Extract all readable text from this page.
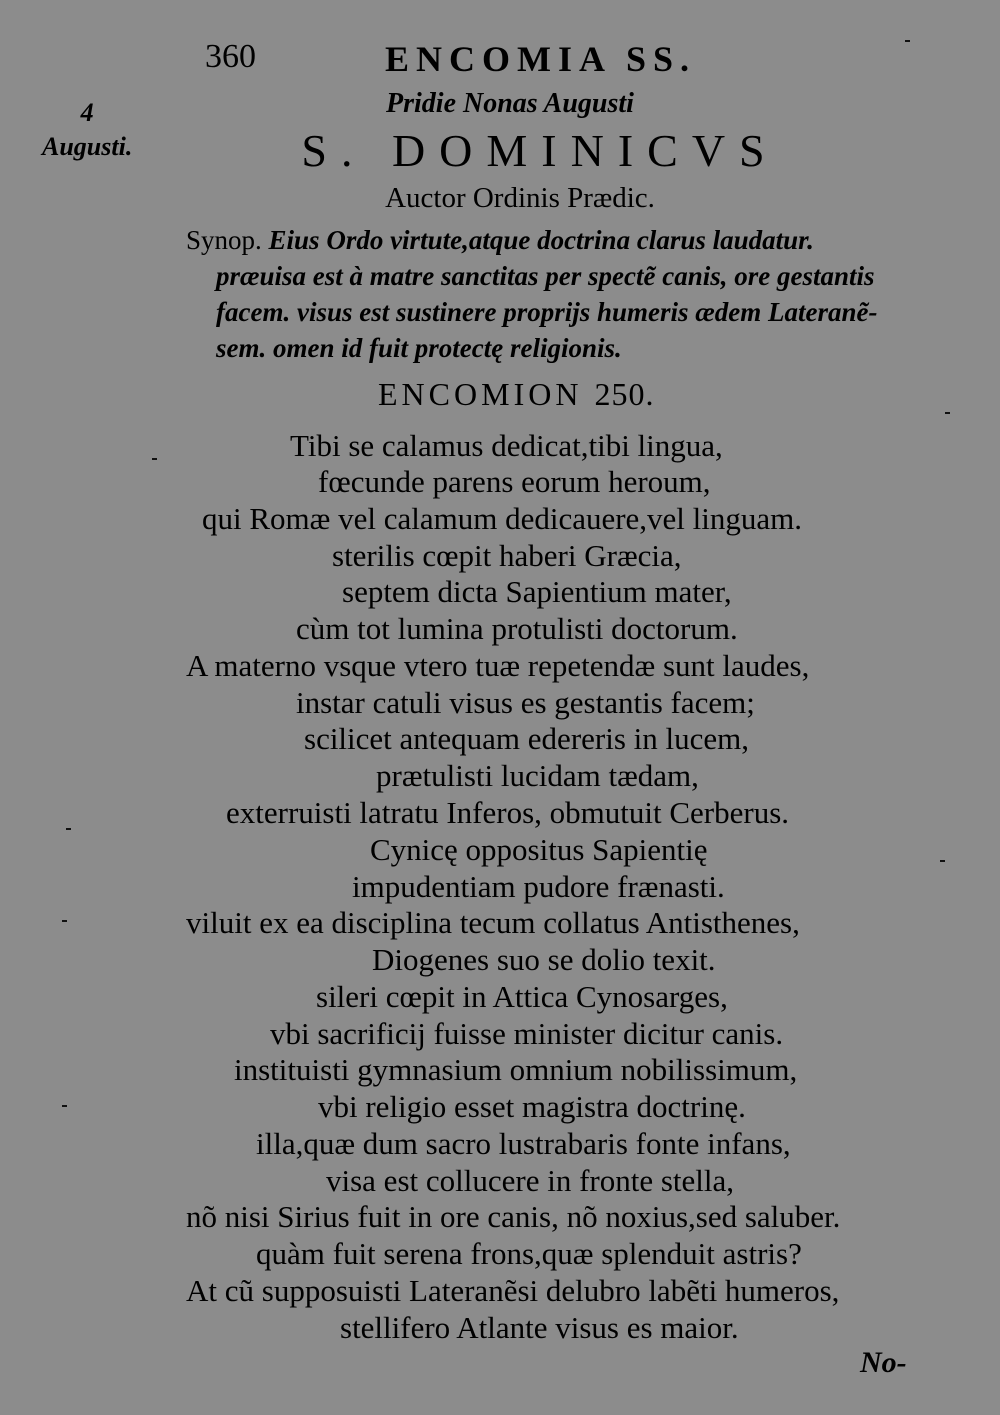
360	ENCOMIA SS.
4
Augusti.
Pridie Nonas Augusti
S. DOMINICVS
Auctor Ordinis Prædic.
Synop. Eius Ordo virtute,atque doctrina clarus laudatur.
præuisa est à matre sanctitas per spectẽ canis, ore gestantis
facem. visus est sustinere proprijs humeris ædem Lateranẽ-
sem. omen id fuit protectę religionis.
ENCOMION 250.
Tibi se calamus dedicat,tibi lingua,
fœcunde parens eorum heroum,
qui Romæ vel calamum dedicauere,vel linguam.
sterilis cœpit haberi Græcia,
septem dicta Sapientium mater,
cùm tot lumina protulisti doctorum.
A materno vsque vtero tuæ repetendæ sunt laudes,
instar catuli visus es gestantis facem;
scilicet antequam edereris in lucem,
prætulisti lucidam tædam,
exterruisti latratu Inferos, obmutuit Cerberus.
Cynicę oppositus Sapientię
impudentiam pudore frænasti.
viluit ex ea disciplina tecum collatus Antisthenes,
Diogenes suo se dolio texit.
sileri cœpit in Attica Cynosarges,
vbi sacrificij fuisse minister dicitur canis.
instituisti gymnasium omnium nobilissimum,
vbi religio esset magistra doctrinę.
illa,quæ dum sacro lustrabaris fonte infans,
visa est collucere in fronte stella,
nõ nisi Sirius fuit in ore canis, nõ noxius,sed saluber.
quàm fuit serena frons,quæ splenduit astris?
At cũ supposuisti Lateranẽsi delubro labẽti humeros,
stellifero Atlante visus es maior.
No-
